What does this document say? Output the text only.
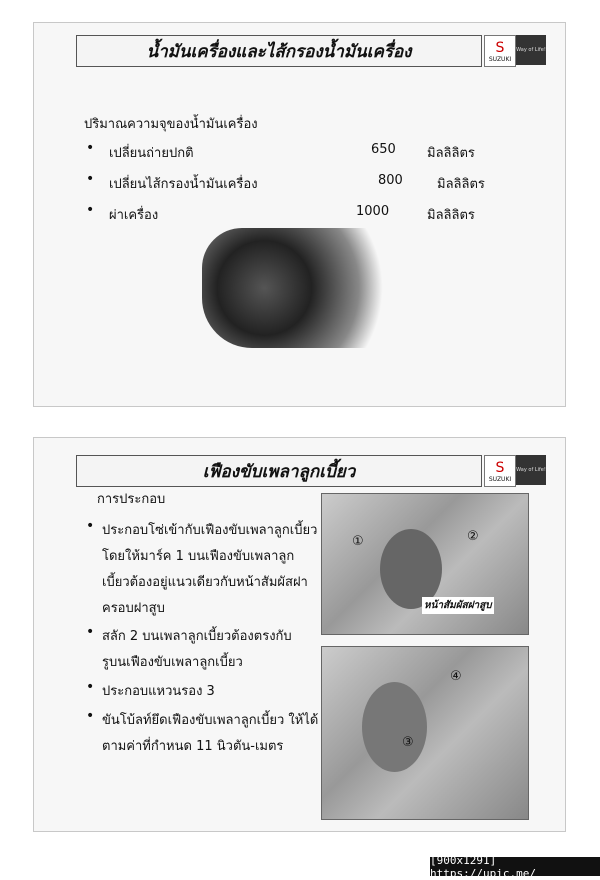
น้ำมันเครื่องและไส้กรองน้ำมันเครื่อง	S
SUZUKI
Way of Life!
ปริมาณความจุของน้ำมันเครื่อง
• เปลี่ยนถ่ายปกติ	650 มิลลิลิตร
• เปลี่ยนไส้กรองน้ำมันเครื่อง	800	มิลลิลิตร
• ผ่าเครื่อง	1000	มิลลิลิตร
เฟืองขับเพลาลูกเบี้ยว	S
SUZUKI
Way of Life!
การประกอบ
• ประกอบโซ่เข้ากับเฟืองขับเพลาลูกเบี้ยว
โดยให้มาร์ค 1 บนเฟืองขับเพลาลูก
เบี้ยวต้องอยู่แนวเดียวกับหน้าสัมผัสฝา
ครอบฝาสูบ
• สลัก 2 บนเพลาลูกเบี้ยวต้องตรงกับ
รูบนเฟืองขับเพลาลูกเบี้ยว
• ประกอบแหวนรอง 3
• ขันโบ้ลท์ยึดเฟืองขับเพลาลูกเบี้ยว ให้ได้
ตามค่าที่กำหนด 11 นิวตัน-เมตร
①	②
หน้าสัมผัสฝาสูบ
③
④
[900x1291] https://upic.me/
